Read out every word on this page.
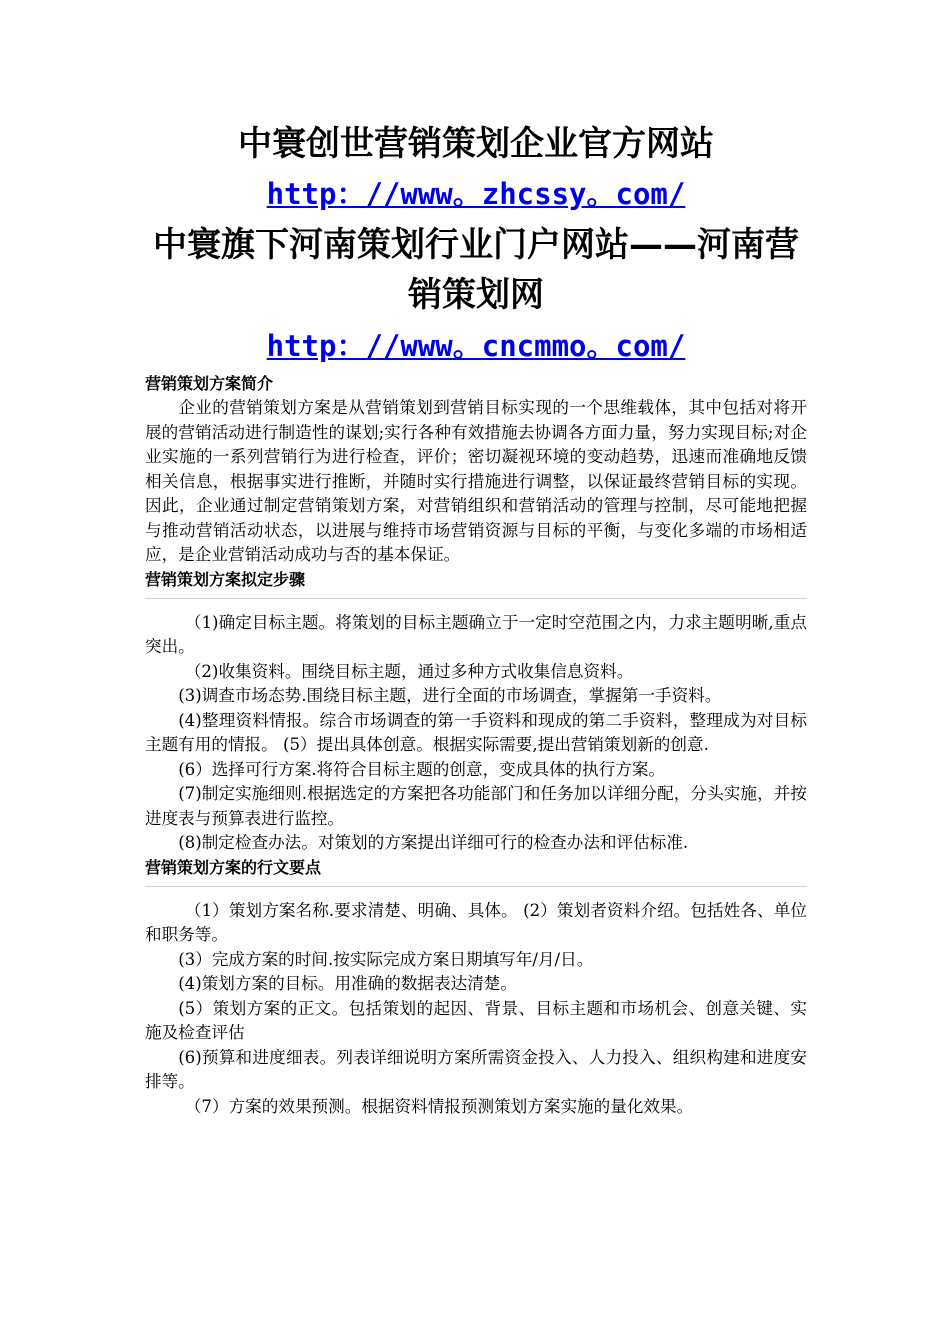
中寰创世营销策划企业官方网站
http：//www。zhcssy。com/
中寰旗下河南策划行业门户网站——河南营销策划网
http：//www。cncmmo。com/
营销策划方案简介

企业的营销策划方案是从营销策划到营销目标实现的一个思维载体，其中包括对将开展的营销活动进行制造性的谋划;实行各种有效措施去协调各方面力量，努力实现目标;对企业实施的一系列营销行为进行检查，评价；密切凝视环境的变动趋势，迅速而准确地反馈相关信息，根据事实进行推断，并随时实行措施进行调整，以保证最终营销目标的实现。因此，企业通过制定营销策划方案，对营销组织和营销活动的管理与控制，尽可能地把握与推动营销活动状态，以进展与维持市场营销资源与目标的平衡，与变化多端的市场相适应，是企业营销活动成功与否的基本保证。

营销策划方案拟定步骤

（1)确定目标主题。将策划的目标主题确立于一定时空范围之内，力求主题明晰,重点突出。

（2)收集资料。围绕目标主题，通过多种方式收集信息资料。

(3)调查市场态势.围绕目标主题，进行全面的市场调查，掌握第一手资料。

(4)整理资料情报。综合市场调查的第一手资料和现成的第二手资料，整理成为对目标主题有用的情报。 (5）提出具体创意。根据实际需要,提出营销策划新的创意.

(6）选择可行方案.将符合目标主题的创意，变成具体的执行方案。

(7)制定实施细则.根据选定的方案把各功能部门和任务加以详细分配，分头实施，并按进度表与预算表进行监控。

(8)制定检查办法。对策划的方案提出详细可行的检查办法和评估标准.

营销策划方案的行文要点

（1）策划方案名称.要求清楚、明确、具体。 (2）策划者资料介绍。包括姓各、单位和职务等。

(3）完成方案的时间.按实际完成方案日期填写年/月/日。

(4)策划方案的目标。用准确的数据表达清楚。

(5）策划方案的正文。包括策划的起因、背景、目标主题和市场机会、创意关键、实施及检查评估

(6)预算和进度细表。列表详细说明方案所需资金投入、人力投入、组织构建和进度安排等。

（7）方案的效果预测。根据资料情报预测策划方案实施的量化效果。
